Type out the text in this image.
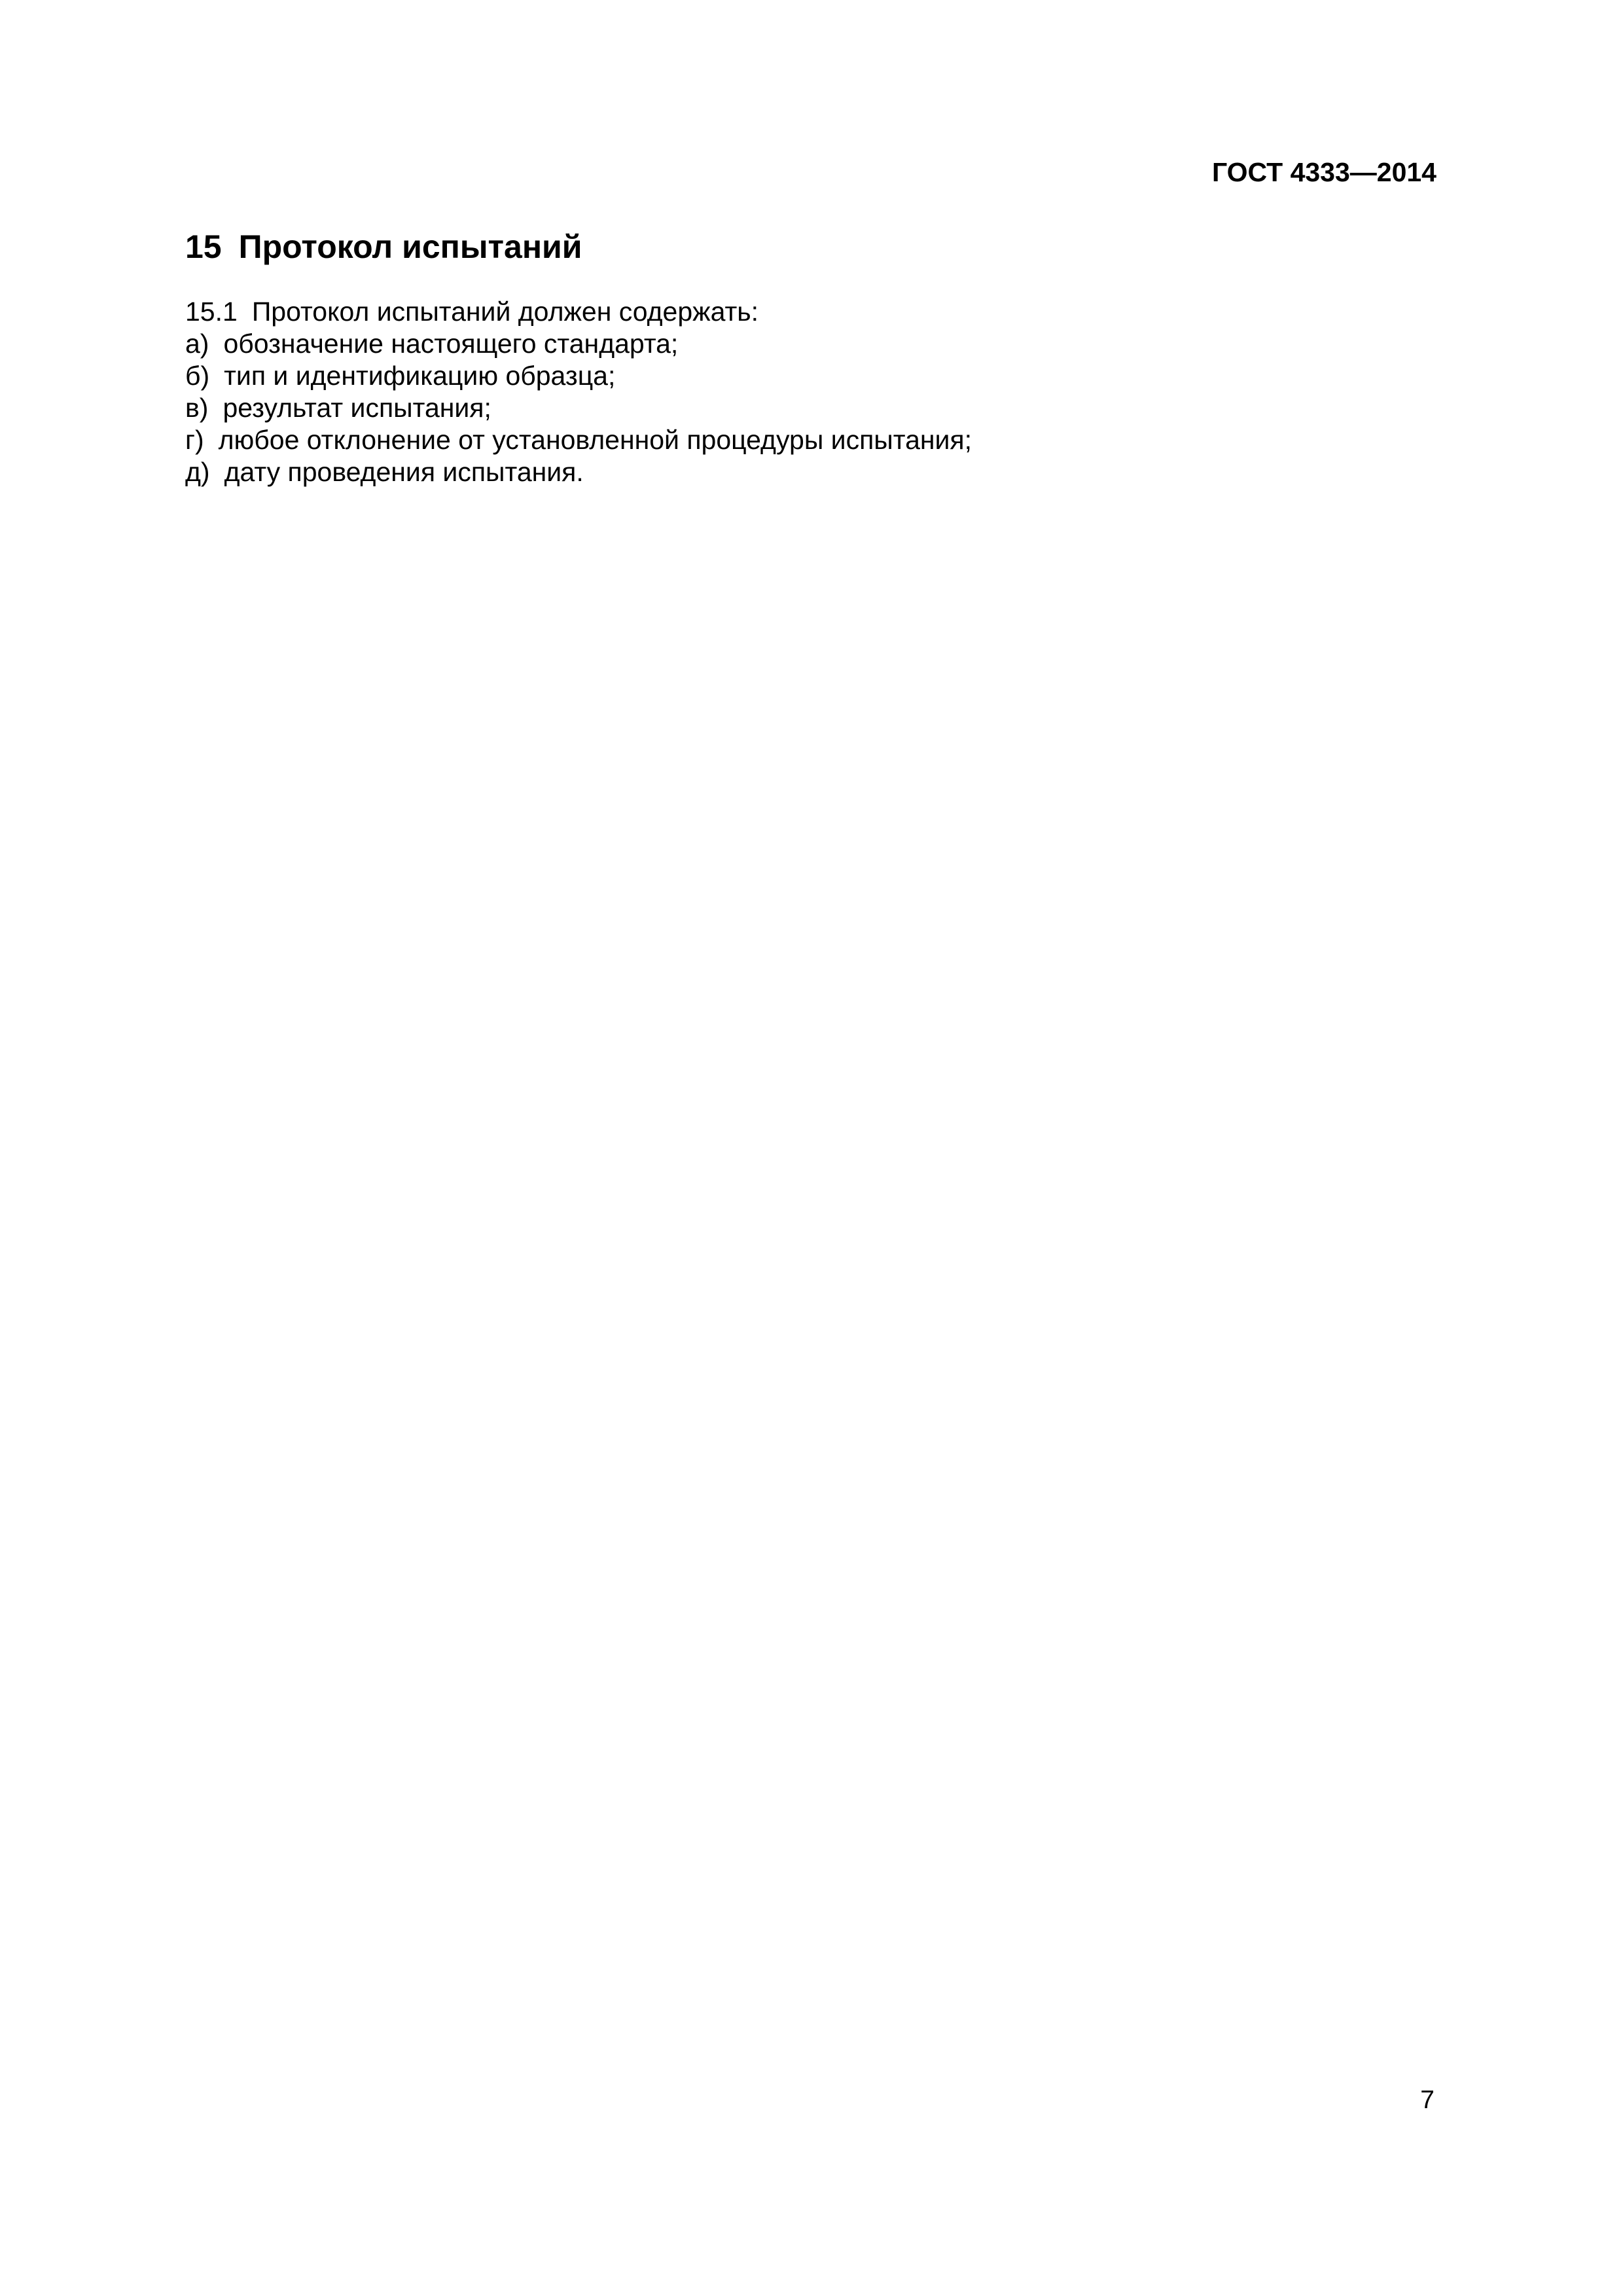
ГОСТ 4333—2014
15 Протокол испытаний
15.1 Протокол испытаний должен содержать:
а) обозначение настоящего стандарта;
б) тип и идентификацию образца;
в) результат испытания;
г) любое отклонение от установленной процедуры испытания;
д) дату проведения испытания.
7
